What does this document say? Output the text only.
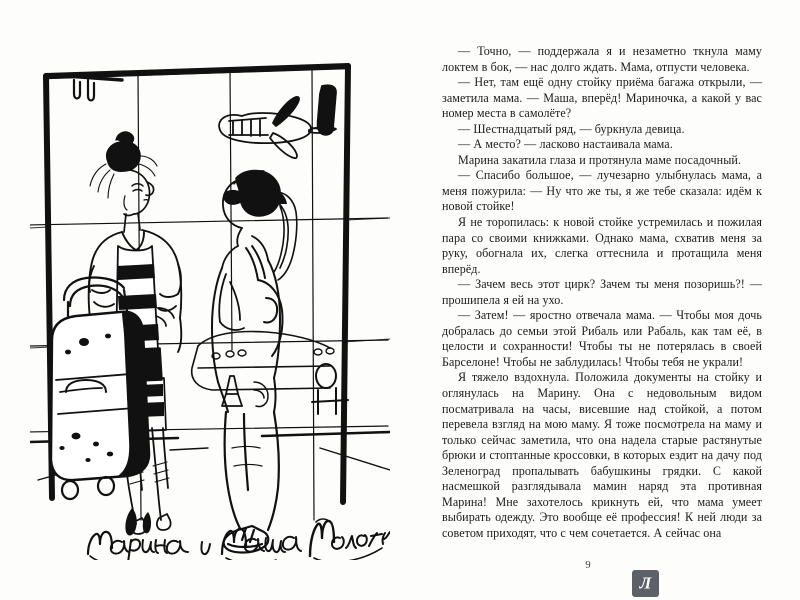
— Точно, — поддержала я и незаметно ткнула маму локтем в бок, — нас долго ждать. Мама, отпусти человека.

— Нет, там ещё одну стойку приёма багажа открыли, — заметила мама. — Маша, вперёд! Мариночка, а какой у вас номер места в самолёте?

— Шестнадцатый ряд, — буркнула девица.

— А место? — ласково настаивала мама.

Марина закатила глаза и протянула маме посадочный.

— Спасибо большое, — лучезарно улыбнулась мама, а меня пожурила: — Ну что же ты, я же тебе сказала: идём к новой стойке!

Я не торопилась: к новой стойке устремилась и пожилая пара со своими книжками. Однако мама, схватив меня за руку, обогнала их, слегка оттеснила и протащила меня вперёд.

— Зачем весь этот цирк? Зачем ты меня позоришь?! — прошипела я ей на ухо.

— Затем! — яростно отвечала мама. — Чтобы моя дочь добралась до семьи этой Рибаль или Рабаль, как там её, в целости и сохранности! Чтобы ты не потерялась в своей Барселоне! Чтобы не заблудилась! Чтобы тебя не украли!

Я тяжело вздохнула. Положила документы на стойку и оглянулась на Марину. Она с недовольным видом посматривала на часы, висевшие над стойкой, а потом перевела взгляд на мою маму. Я тоже посмотрела на маму и только сейчас заметила, что она надела старые растянутые брюки и стоптанные кроссовки, в которых ездит на дачу под Зеленоград пропалывать бабушкины грядки. С какой насмешкой разглядывала мамин наряд эта противная Марина! Мне захотелось крикнуть ей, что мама умеет выбирать одежду. Это вообще её профессия! К ней люди за советом приходят, что с чем сочетается. А сейчас она

9
Л
